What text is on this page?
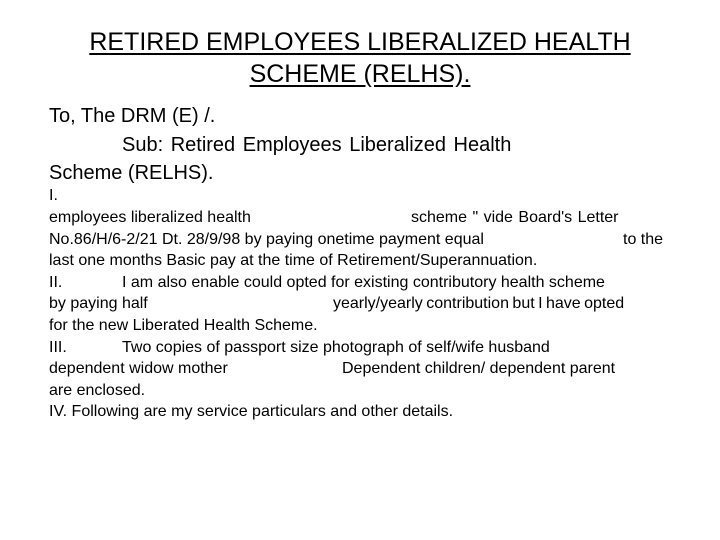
RETIRED EMPLOYEES LIBERALIZED HEALTH
SCHEME (RELHS).
To, The DRM (E) /.
Sub: Retired Employees Liberalized Health
Scheme (RELHS).
I.
employees liberalized health	scheme " vide Board's Letter
No.86/H/6-2/21 Dt. 28/9/98 by paying onetime payment equal	to the
last one months Basic pay at the time of Retirement/Superannuation.
II.	I am also enable could opted for existing contributory health scheme
by paying half	yearly/yearly contribution but I have opted
for the new Liberated Health Scheme.
III.	Two copies of passport size photograph of self/wife husband
dependent widow mother	Dependent children/ dependent parent
are enclosed.
IV. Following are my service particulars and other details.
